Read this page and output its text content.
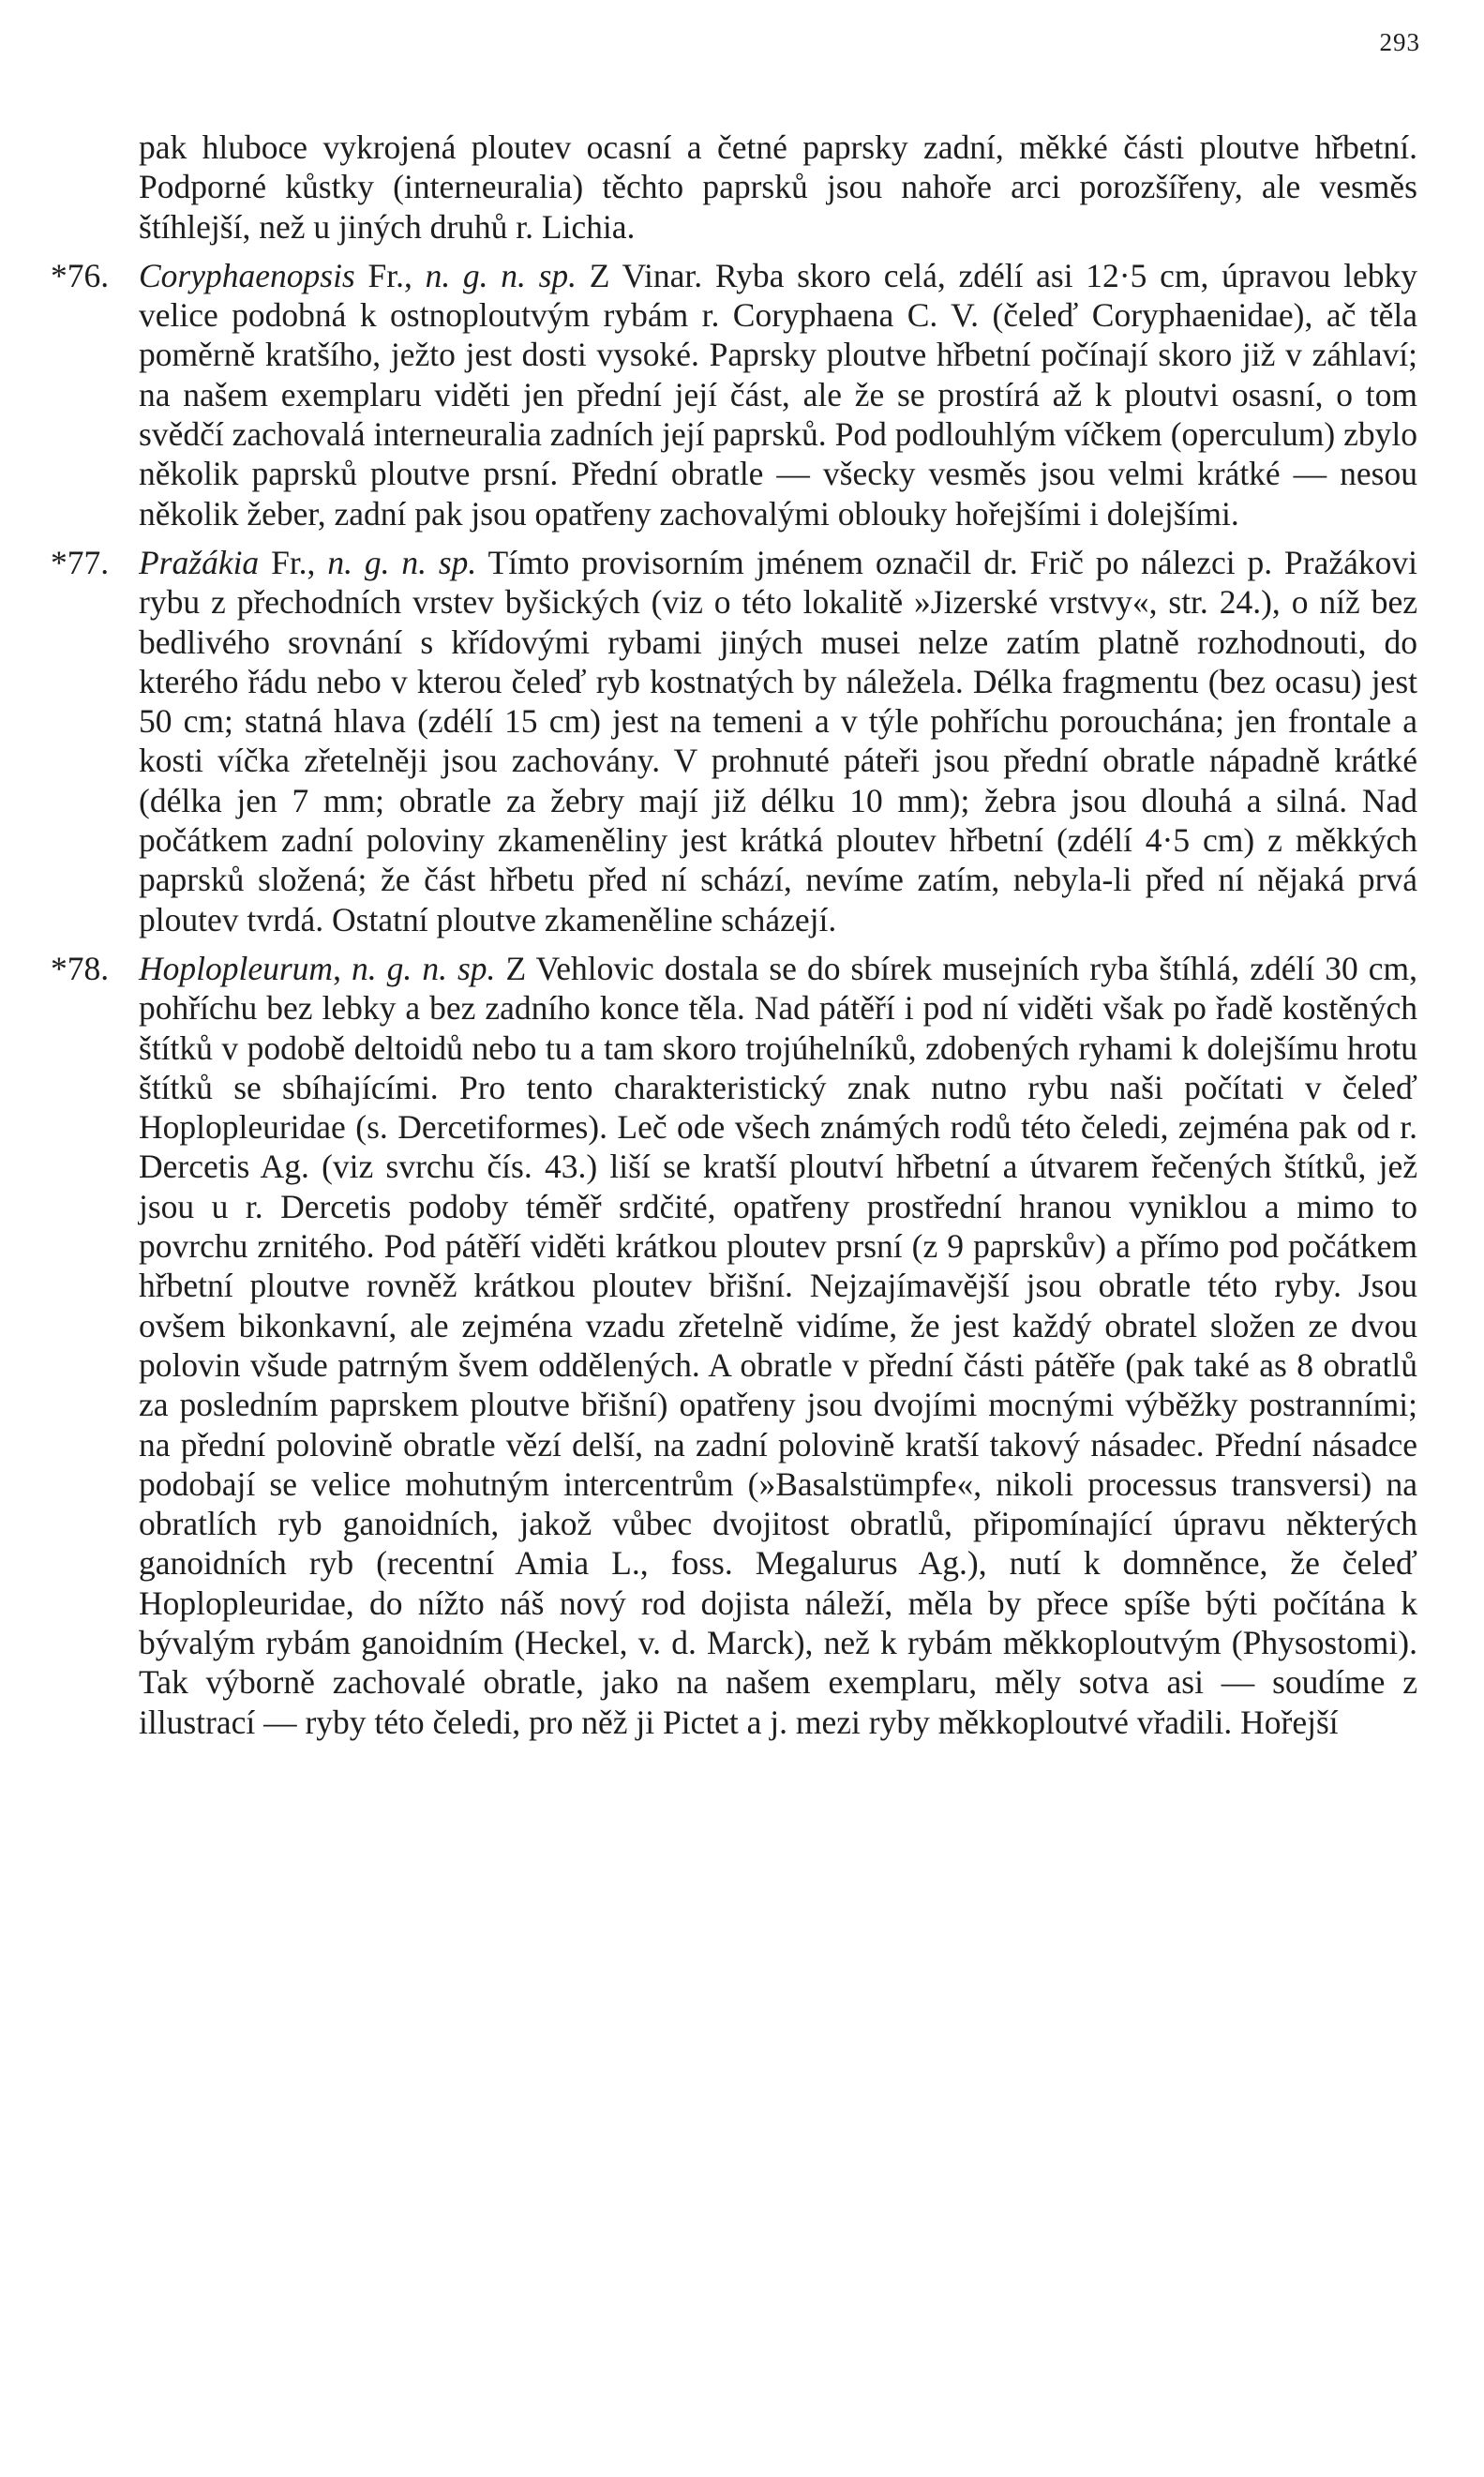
293

pak hluboce vykrojená ploutev ocasní a četné paprsky zadní, měkké části ploutve hřbetní. Podporné kůstky (interneuralia) těchto paprsků jsou nahoře arci porozšířeny, ale vesměs štíhlejší, než u jiných druhů r. Lichia.

*76. Coryphaenopsis Fr., n. g. n. sp. Z Vinar. Ryba skoro celá, zdélí asi 12·5 cm, úpravou lebky velice podobná k ostnoploutvým rybám r. Coryphaena C. V. (čeleď Coryphaenidae), ač těla poměrně kratšího, ježto jest dosti vysoké. Paprsky ploutve hřbetní počínají skoro již v záhlaví; na našem exemplaru viděti jen přední její část, ale že se prostírá až k ploutvi osasní, o tom svědčí zachovalá interneuralia zadních její paprsků. Pod podlouhlým víčkem (operculum) zbylo několik paprsků ploutve prsní. Přední obratle — všecky vesměs jsou velmi krátké — nesou několik žeber, zadní pak jsou opatřeny zachovalými oblouky hořejšími i dolejšími.

*77. Pražákia Fr., n. g. n. sp. Tímto provisorním jménem označil dr. Frič po nálezci p. Pražákovi rybu z přechodních vrstev byšických (viz o této lokalitě »Jizerské vrstvy«, str. 24.), o níž bez bedlivého srovnání s křídovými rybami jiných musei nelze zatím platně rozhodnouti, do kterého řádu nebo v kterou čeleď ryb kostnatých by náležela. Délka fragmentu (bez ocasu) jest 50 cm; statná hlava (zdélí 15 cm) jest na temeni a v týle pohříchu porouchána; jen frontale a kosti víčka zřetelněji jsou zachovány. V prohnuté páteři jsou přední obratle nápadně krátké (délka jen 7 mm; obratle za žebry mají již délku 10 mm); žebra jsou dlouhá a silná. Nad počátkem zadní poloviny zkameněliny jest krátká ploutev hřbetní (zdélí 4·5 cm) z měkkých paprsků složená; že část hřbetu před ní schází, nevíme zatím, nebyla-li před ní nějaká prvá ploutev tvrdá. Ostatní ploutve zkameněline scházejí.

*78. Hoplopleurum, n. g. n. sp. Z Vehlovic dostala se do sbírek musejních ryba štíhlá, zdélí 30 cm, pohříchu bez lebky a bez zadního konce těla. Nad pátěří i pod ní viděti však po řadě kostěných štítků v podobě deltoidů nebo tu a tam skoro trojúhelníků, zdobených ryhami k dolejšímu hrotu štítků se sbíhajícími. Pro tento charakteristický znak nutno rybu naši počítati v čeleď Hoplopleuridae (s. Dercetiformes). Leč ode všech známých rodů této čeledi, zejména pak od r. Dercetis Ag. (viz svrchu čís. 43.) liší se kratší ploutví hřbetní a útvarem řečených štítků, jež jsou u r. Dercetis podoby téměř srdčité, opatřeny prostřední hranou vyniklou a mimo to povrchu zrnitého. Pod pátěří viděti krátkou ploutev prsní (z 9 paprskův) a přímo pod počátkem hřbetní ploutve rovněž krátkou ploutev břišní. Nejzajímavější jsou obratle této ryby. Jsou ovšem bikonkavní, ale zejména vzadu zřetelně vidíme, že jest každý obratel složen ze dvou polovin všude patrným švem oddělených. A obratle v přední části pátěře (pak také as 8 obratlů za posledním paprskem ploutve břišní) opatřeny jsou dvojími mocnými výběžky postranními; na přední polovině obratle vězí delší, na zadní polovině kratší takový násadec. Přední násadce podobají se velice mohutným intercentrům (»Basalstümpfe«, nikoli processus transversi) na obratlích ryb ganoidních, jakož vůbec dvojitost obratlů, připomínající úpravu některých ganoidních ryb (recentní Amia L., foss. Megalurus Ag.), nutí k domněnce, že čeleď Hoplopleuridae, do nížto náš nový rod dojista náleží, měla by přece spíše býti počítána k bývalým rybám ganoidním (Heckel, v. d. Marck), než k rybám měkkoploutvým (Physostomi). Tak výborně zachovalé obratle, jako na našem exemplaru, měly sotva asi — soudíme z illustrací — ryby této čeledi, pro něž ji Pictet a j. mezi ryby měkkoploutvé vřadili. Hořejší
